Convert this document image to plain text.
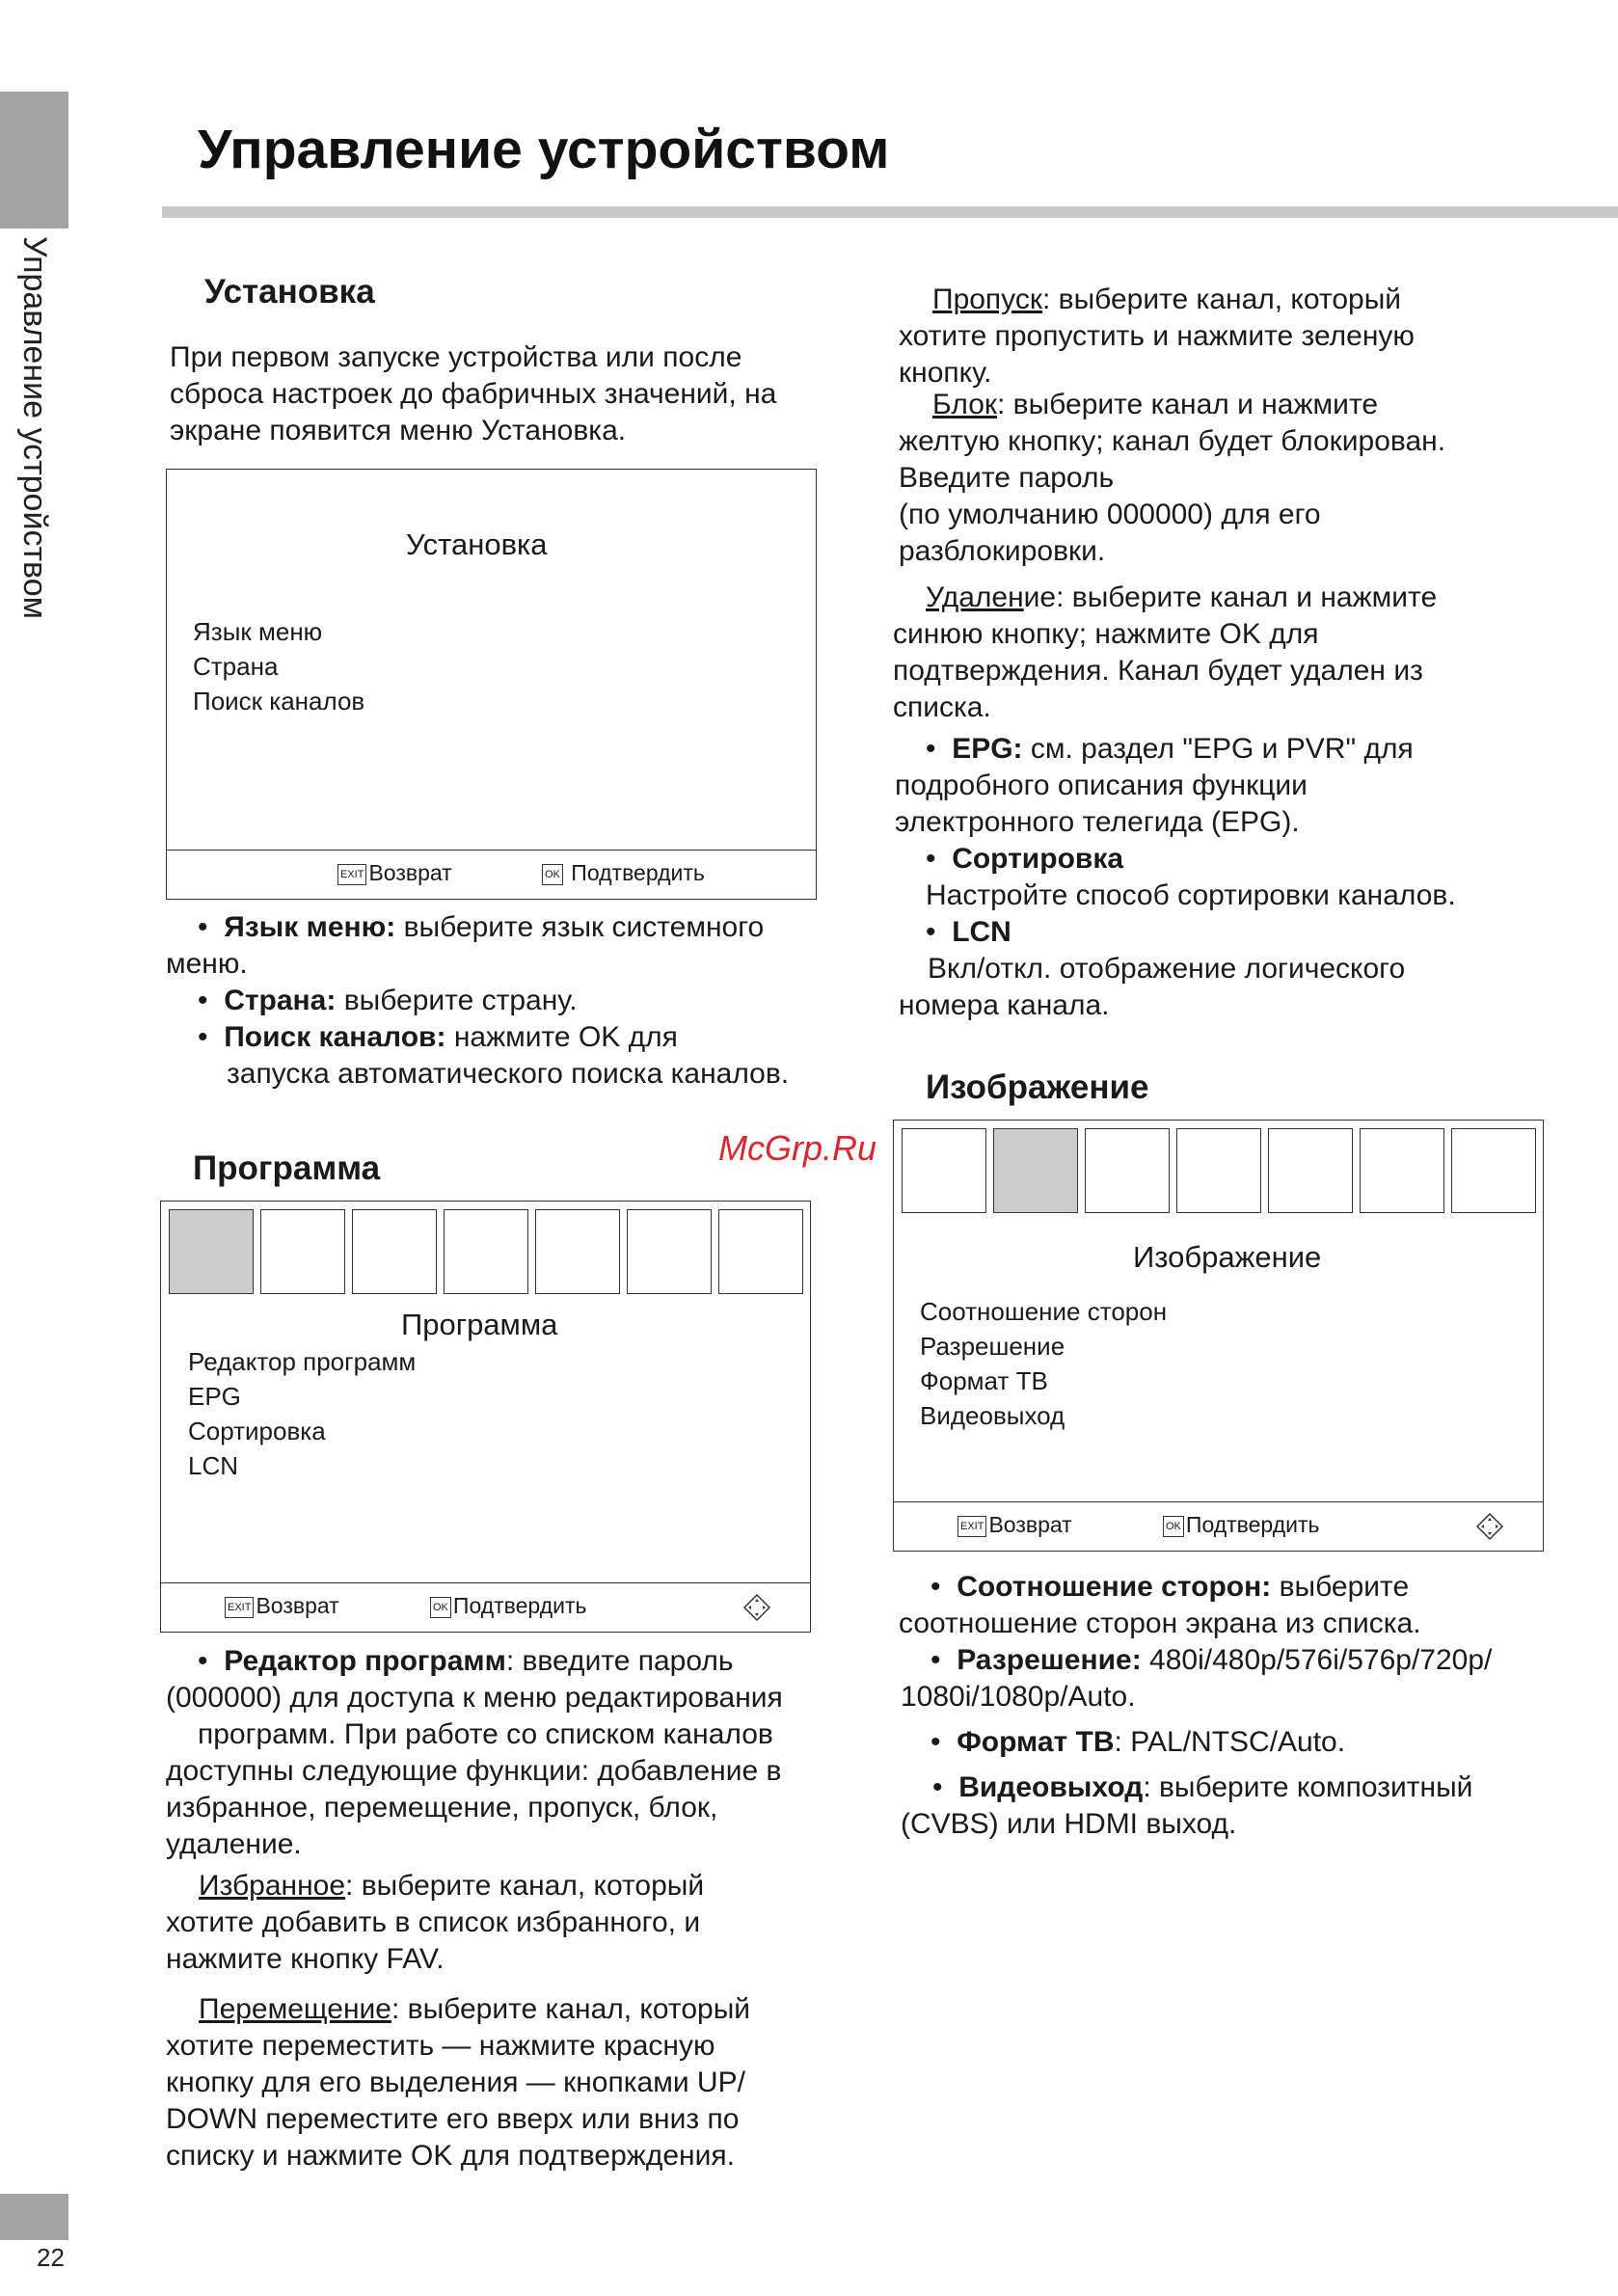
Управление устройством
22
Управление устройством
Установка
При первом запуске устройства или после
сброса настроек до фабричных значений, на
экране появится меню Установка.
Установка
Язык меню
Страна
Поиск каналов
EXIT Возврат	OK Подтвердить
•  Язык меню: выберите язык системного
меню.
•  Страна: выберите страну.
•  Поиск каналов: нажмите OK для
запуска автоматического поиска каналов.
Программа
Программа
Редактор программ
EPG
Сортировка
LCN
EXIT Возврат	OK Подтвердить
•  Редактор программ: введите пароль
(000000) для доступа к меню редактирования
программ. При работе со списком каналов
доступны следующие функции: добавление в
избранное, перемещение, пропуск, блок,
удаление.
Избранное: выберите канал, который
хотите добавить в список избранного, и
нажмите кнопку FAV.
Перемещение: выберите канал, который
хотите переместить — нажмите красную
кнопку для его выделения — кнопками UP/
DOWN переместите его вверх или вниз по
списку и нажмите OK для подтверждения.
Пропуск: выберите канал, который
хотите пропустить и нажмите зеленую
кнопку.
Блок: выберите канал и нажмите
желтую кнопку; канал будет блокирован.
Введите пароль
(по умолчанию 000000) для его
разблокировки.
Удаление: выберите канал и нажмите
синюю кнопку; нажмите OK для
подтверждения. Канал будет удален из
списка.
•  EPG: см. раздел "EPG и PVR" для
подробного описания функции
электронного телегида (EPG).
•  Сортировка
Настройте способ сортировки каналов.
•  LCN
Вкл/откл. отображение логического
номера канала.
Изображение
McGrp.Ru
Изображение
Соотношение сторон
Разрешение
Формат ТВ
Видеовыход
EXIT Возврат	OK Подтвердить
•  Соотношение сторон: выберите
соотношение сторон экрана из списка.
•  Разрешение: 480i/480p/576i/576p/720p/
1080i/1080p/Auto.
•  Формат ТВ: PAL/NTSC/Auto.
•  Видеовыход: выберите композитный
(CVBS) или HDMI выход.
